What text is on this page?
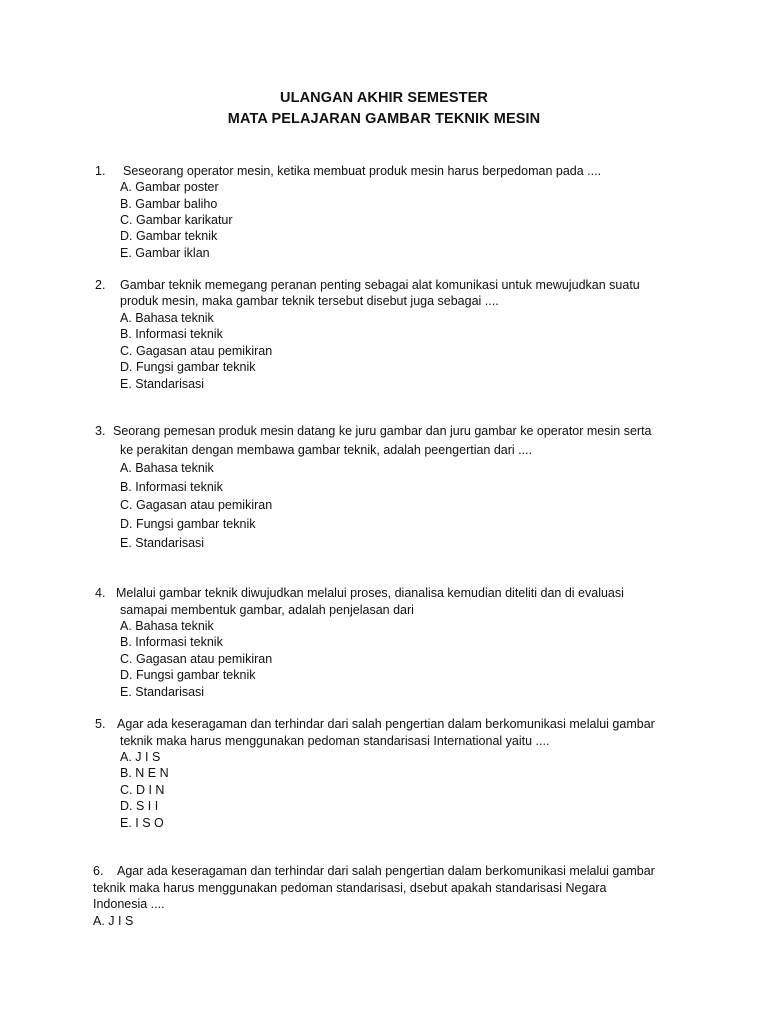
ULANGAN AKHIR SEMESTER
MATA PELAJARAN GAMBAR TEKNIK MESIN
1. Seseorang operator mesin, ketika membuat produk mesin harus berpedoman pada ....
A. Gambar poster
B. Gambar baliho
C. Gambar karikatur
D. Gambar teknik
E. Gambar iklan
2. Gambar teknik memegang peranan penting sebagai alat komunikasi untuk mewujudkan suatu
produk mesin, maka gambar teknik tersebut disebut juga sebagai ....
A. Bahasa teknik
B. Informasi teknik
C. Gagasan atau pemikiran
D. Fungsi gambar teknik
E. Standarisasi
3. Seorang pemesan produk mesin datang ke juru gambar dan juru gambar ke operator mesin serta
ke perakitan dengan membawa gambar teknik, adalah peengertian dari ....
A. Bahasa teknik
B. Informasi teknik
C. Gagasan atau pemikiran
D. Fungsi gambar teknik
E. Standarisasi
4. Melalui gambar teknik diwujudkan melalui proses, dianalisa kemudian diteliti dan di evaluasi
samapai membentuk gambar, adalah penjelasan dari
A. Bahasa teknik
B. Informasi teknik
C. Gagasan atau pemikiran
D. Fungsi gambar teknik
E. Standarisasi
5. Agar ada keseragaman dan terhindar dari salah pengertian dalam berkomunikasi melalui gambar
teknik maka harus menggunakan pedoman standarisasi International yaitu ....
A. J I S
B. N E N
C. D I N
D. S I I
E. I S O
6. Agar ada keseragaman dan terhindar dari salah pengertian dalam berkomunikasi melalui gambar
teknik maka harus menggunakan pedoman standarisasi, dsebut apakah standarisasi Negara
Indonesia ....
A. J I S
